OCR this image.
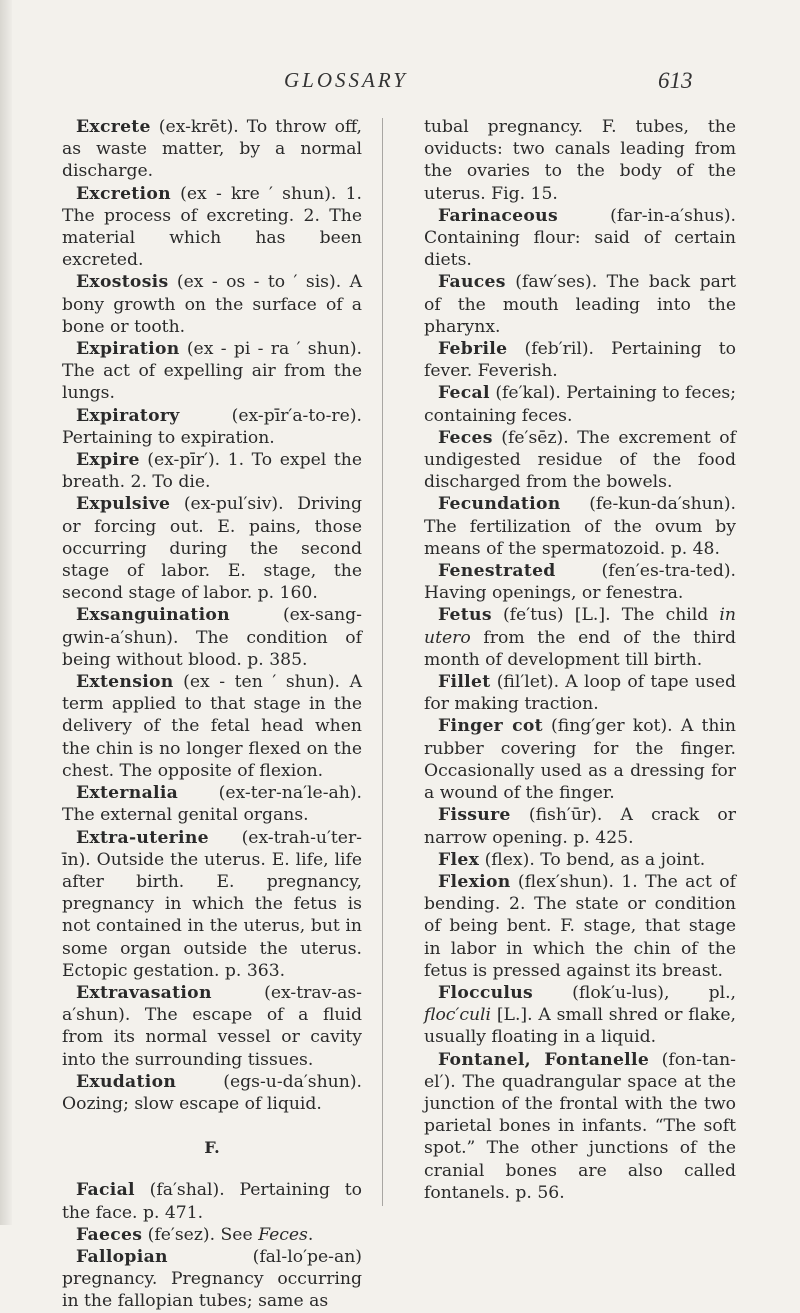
GLOSSARY	613

Excrete (ex-krēt). To throw off, as waste matter, by a normal discharge.

Excretion (ex - kre ′ shun). 1. The process of excreting. 2. The material which has been excreted.

Exostosis (ex - os - to ′ sis). A bony growth on the surface of a bone or tooth.

Expiration (ex - pi - ra ′ shun). The act of expelling air from the lungs.

Expiratory (ex-pīr′a-to-re). Pertaining to expiration.

Expire (ex-pīr′). 1. To expel the breath. 2. To die.

Expulsive (ex-pul′siv). Driving or forcing out. E. pains, those occurring during the second stage of labor. E. stage, the second stage of labor. p. 160.

Exsanguination (ex-sang-gwin-a′shun). The condition of being without blood. p. 385.

Extension (ex - ten ′ shun). A term applied to that stage in the delivery of the fetal head when the chin is no longer flexed on the chest. The opposite of flexion.

Externalia (ex-ter-na′le-ah). The external genital organs.

Extra-uterine (ex-trah-u′ter-īn). Outside the uterus. E. life, life after birth. E. pregnancy, pregnancy in which the fetus is not contained in the uterus, but in some organ outside the uterus. Ectopic gestation. p. 363.

Extravasation (ex-trav-as-a′shun). The escape of a fluid from its normal vessel or cavity into the surrounding tissues.

Exudation (egs-u-da′shun). Oozing; slow escape of liquid.

F.

Facial (fa′shal). Pertaining to the face. p. 471.

Faeces (fe′sez). See Feces.

Fallopian (fal-lo′pe-an) pregnancy. Pregnancy occurring in the fallopian tubes; same as

tubal pregnancy. F. tubes, the oviducts: two canals leading from the ovaries to the body of the uterus. Fig. 15.

Farinaceous (far-in-a′shus). Containing flour: said of certain diets.

Fauces (faw′ses). The back part of the mouth leading into the pharynx.

Febrile (feb′ril). Pertaining to fever. Feverish.

Fecal (fe′kal). Pertaining to feces; containing feces.

Feces (fe′sēz). The excrement of undigested residue of the food discharged from the bowels.

Fecundation (fe-kun-da′shun). The fertilization of the ovum by means of the spermatozoid. p. 48.

Fenestrated (fen′es-tra-ted). Having openings, or fenestra.

Fetus (fe′tus) [L.]. The child in utero from the end of the third month of development till birth.

Fillet (fil′let). A loop of tape used for making traction.

Finger cot (fing′ger kot). A thin rubber covering for the finger. Occasionally used as a dressing for a wound of the finger.

Fissure (fish′ūr). A crack or narrow opening. p. 425.

Flex (flex). To bend, as a joint.

Flexion (flex′shun). 1. The act of bending. 2. The state or condition of being bent. F. stage, that stage in labor in which the chin of the fetus is pressed against its breast.

Flocculus (flok′u-lus), pl., floc′culi [L.]. A small shred or flake, usually floating in a liquid.

Fontanel, Fontanelle (fon-tan-el′). The quadrangular space at the junction of the frontal with the two parietal bones in infants. “The soft spot.” The other junctions of the cranial bones are also called fontanels. p. 56.
